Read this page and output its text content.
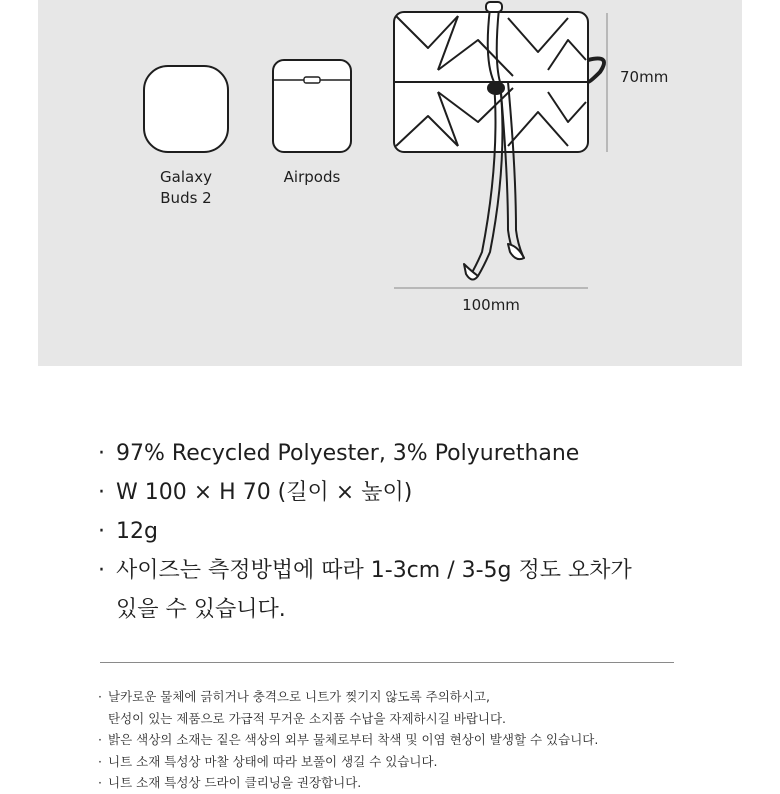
Galaxy
Buds 2
Airpods
70mm
100mm
· 97% Recycled Polyester, 3% Polyurethane
· W 100 × H 70 (길이 × 높이)
· 12g
· 사이즈는 측정방법에 따라 1-3cm / 3-5g 정도 오차가
있을 수 있습니다.
· 날카로운 물체에 긁히거나 충격으로 니트가 찢기지 않도록 주의하시고,
탄성이 있는 제품으로 가급적 무거운 소지품 수납을 자제하시길 바랍니다.
· 밝은 색상의 소재는 짙은 색상의 외부 물체로부터 착색 및 이염 현상이 발생할 수 있습니다.
· 니트 소재 특성상 마찰 상태에 따라 보풀이 생길 수 있습니다.
· 니트 소재 특성상 드라이 클리닝을 권장합니다.
